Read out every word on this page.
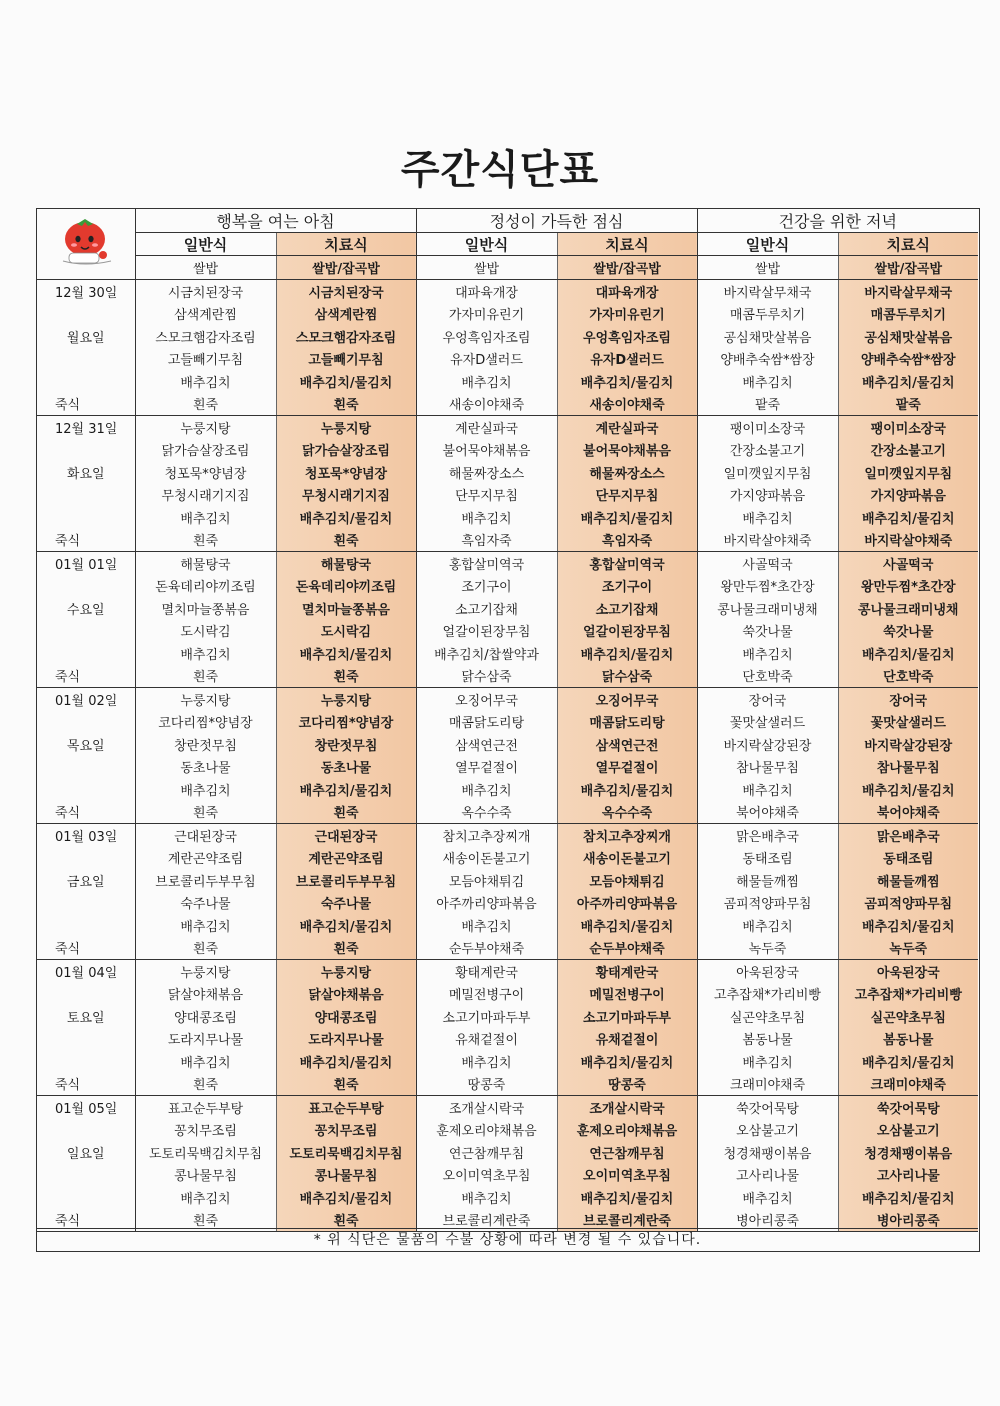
주간식단표
	행복을 여는 아침		정성이 가득한 점심		건강을 위한 저녁	
	일반식	치료식	일반식	치료식	일반식	치료식
	쌀밥	쌀밥/잡곡밥	쌀밥	쌀밥/잡곡밥	쌀밥	쌀밥/잡곡밥
12월 30일	시금치된장국	시금치된장국	대파육개장	대파육개장	바지락살무채국	바지락살무채국
	삼색계란찜	삼색계란찜	가자미유린기	가자미유린기	매콤두루치기	매콤두루치기
월요일	스모크햄감자조림	스모크햄감자조림	우엉흑임자조림	우엉흑임자조림	공심채맛살볶음	공심채맛살볶음
	고들빼기무침	고들빼기무침	유자D샐러드	유자D샐러드	양배추숙쌈*쌈장	양배추숙쌈*쌈장
	배추김치	배추김치/물김치	배추김치	배추김치/물김치	배추김치	배추김치/물김치
죽식	흰죽	흰죽	새송이야채죽	새송이야채죽	팥죽	팥죽
12월 31일	누룽지탕	누룽지탕	계란실파국	계란실파국	팽이미소장국	팽이미소장국
	닭가슴살장조림	닭가슴살장조림	불어묵야채볶음	불어묵야채볶음	간장소불고기	간장소불고기
화요일	청포묵*양념장	청포묵*양념장	해물짜장소스	해물짜장소스	일미깻잎지무침	일미깻잎지무침
	무청시래기지짐	무청시래기지짐	단무지무침	단무지무침	가지양파볶음	가지양파볶음
	배추김치	배추김치/물김치	배추김치	배추김치/물김치	배추김치	배추김치/물김치
죽식	흰죽	흰죽	흑임자죽	흑임자죽	바지락살야채죽	바지락살야채죽
01월 01일	해물탕국	해물탕국	홍합살미역국	홍합살미역국	사골떡국	사골떡국
	돈육데리야끼조림	돈육데리야끼조림	조기구이	조기구이	왕만두찜*초간장	왕만두찜*초간장
수요일	멸치마늘쫑볶음	멸치마늘쫑볶음	소고기잡채	소고기잡채	콩나물크래미냉채	콩나물크래미냉채
	도시락김	도시락김	얼갈이된장무침	얼갈이된장무침	쑥갓나물	쑥갓나물
	배추김치	배추김치/물김치	배추김치/찹쌀약과	배추김치/물김치	배추김치	배추김치/물김치
죽식	흰죽	흰죽	닭수삼죽	닭수삼죽	단호박죽	단호박죽
01월 02일	누룽지탕	누룽지탕	오징어무국	오징어무국	장어국	장어국
	코다리찜*양념장	코다리찜*양념장	매콤닭도리탕	매콤닭도리탕	꽃맛살샐러드	꽃맛살샐러드
목요일	창란젓무침	창란젓무침	삼색연근전	삼색연근전	바지락살강된장	바지락살강된장
	동초나물	동초나물	열무겉절이	열무겉절이	참나물무침	참나물무침
	배추김치	배추김치/물김치	배추김치	배추김치/물김치	배추김치	배추김치/물김치
죽식	흰죽	흰죽	옥수수죽	옥수수죽	북어야채죽	북어야채죽
01월 03일	근대된장국	근대된장국	참치고추장찌개	참치고추장찌개	맑은배추국	맑은배추국
	계란곤약조림	계란곤약조림	새송이돈불고기	새송이돈불고기	동태조림	동태조림
금요일	브로콜리두부무침	브로콜리두부무침	모듬야채튀김	모듬야채튀김	해물들깨찜	해물들깨찜
	숙주나물	숙주나물	아주까리양파볶음	아주까리양파볶음	곰피적양파무침	곰피적양파무침
	배추김치	배추김치/물김치	배추김치	배추김치/물김치	배추김치	배추김치/물김치
죽식	흰죽	흰죽	순두부야채죽	순두부야채죽	녹두죽	녹두죽
01월 04일	누룽지탕	누룽지탕	황태계란국	황태계란국	아욱된장국	아욱된장국
	닭살야채볶음	닭살야채볶음	메밀전병구이	메밀전병구이	고추잡채*가리비빵	고추잡채*가리비빵
토요일	양대콩조림	양대콩조림	소고기마파두부	소고기마파두부	실곤약초무침	실곤약초무침
	도라지무나물	도라지무나물	유채겉절이	유채겉절이	봄동나물	봄동나물
	배추김치	배추김치/물김치	배추김치	배추김치/물김치	배추김치	배추김치/물김치
죽식	흰죽	흰죽	땅콩죽	땅콩죽	크래미야채죽	크래미야채죽
01월 05일	표고순두부탕	표고순두부탕	조개살시락국	조개살시락국	쑥갓어묵탕	쑥갓어묵탕
	꽁치무조림	꽁치무조림	훈제오리야채볶음	훈제오리야채볶음	오삼불고기	오삼불고기
일요일	도토리묵백김치무침	도토리묵백김치무침	연근참깨무침	연근참깨무침	청경채팽이볶음	청경채팽이볶음
	콩나물무침	콩나물무침	오이미역초무침	오이미역초무침	고사리나물	고사리나물
	배추김치	배추김치/물김치	배추김치	배추김치/물김치	배추김치	배추김치/물김치
죽식	흰죽	흰죽	브로콜리계란죽	브로콜리계란죽	병아리콩죽	병아리콩죽
* 위 식단은 물품의 수불 상황에 따라 변경 될 수 있습니다.
